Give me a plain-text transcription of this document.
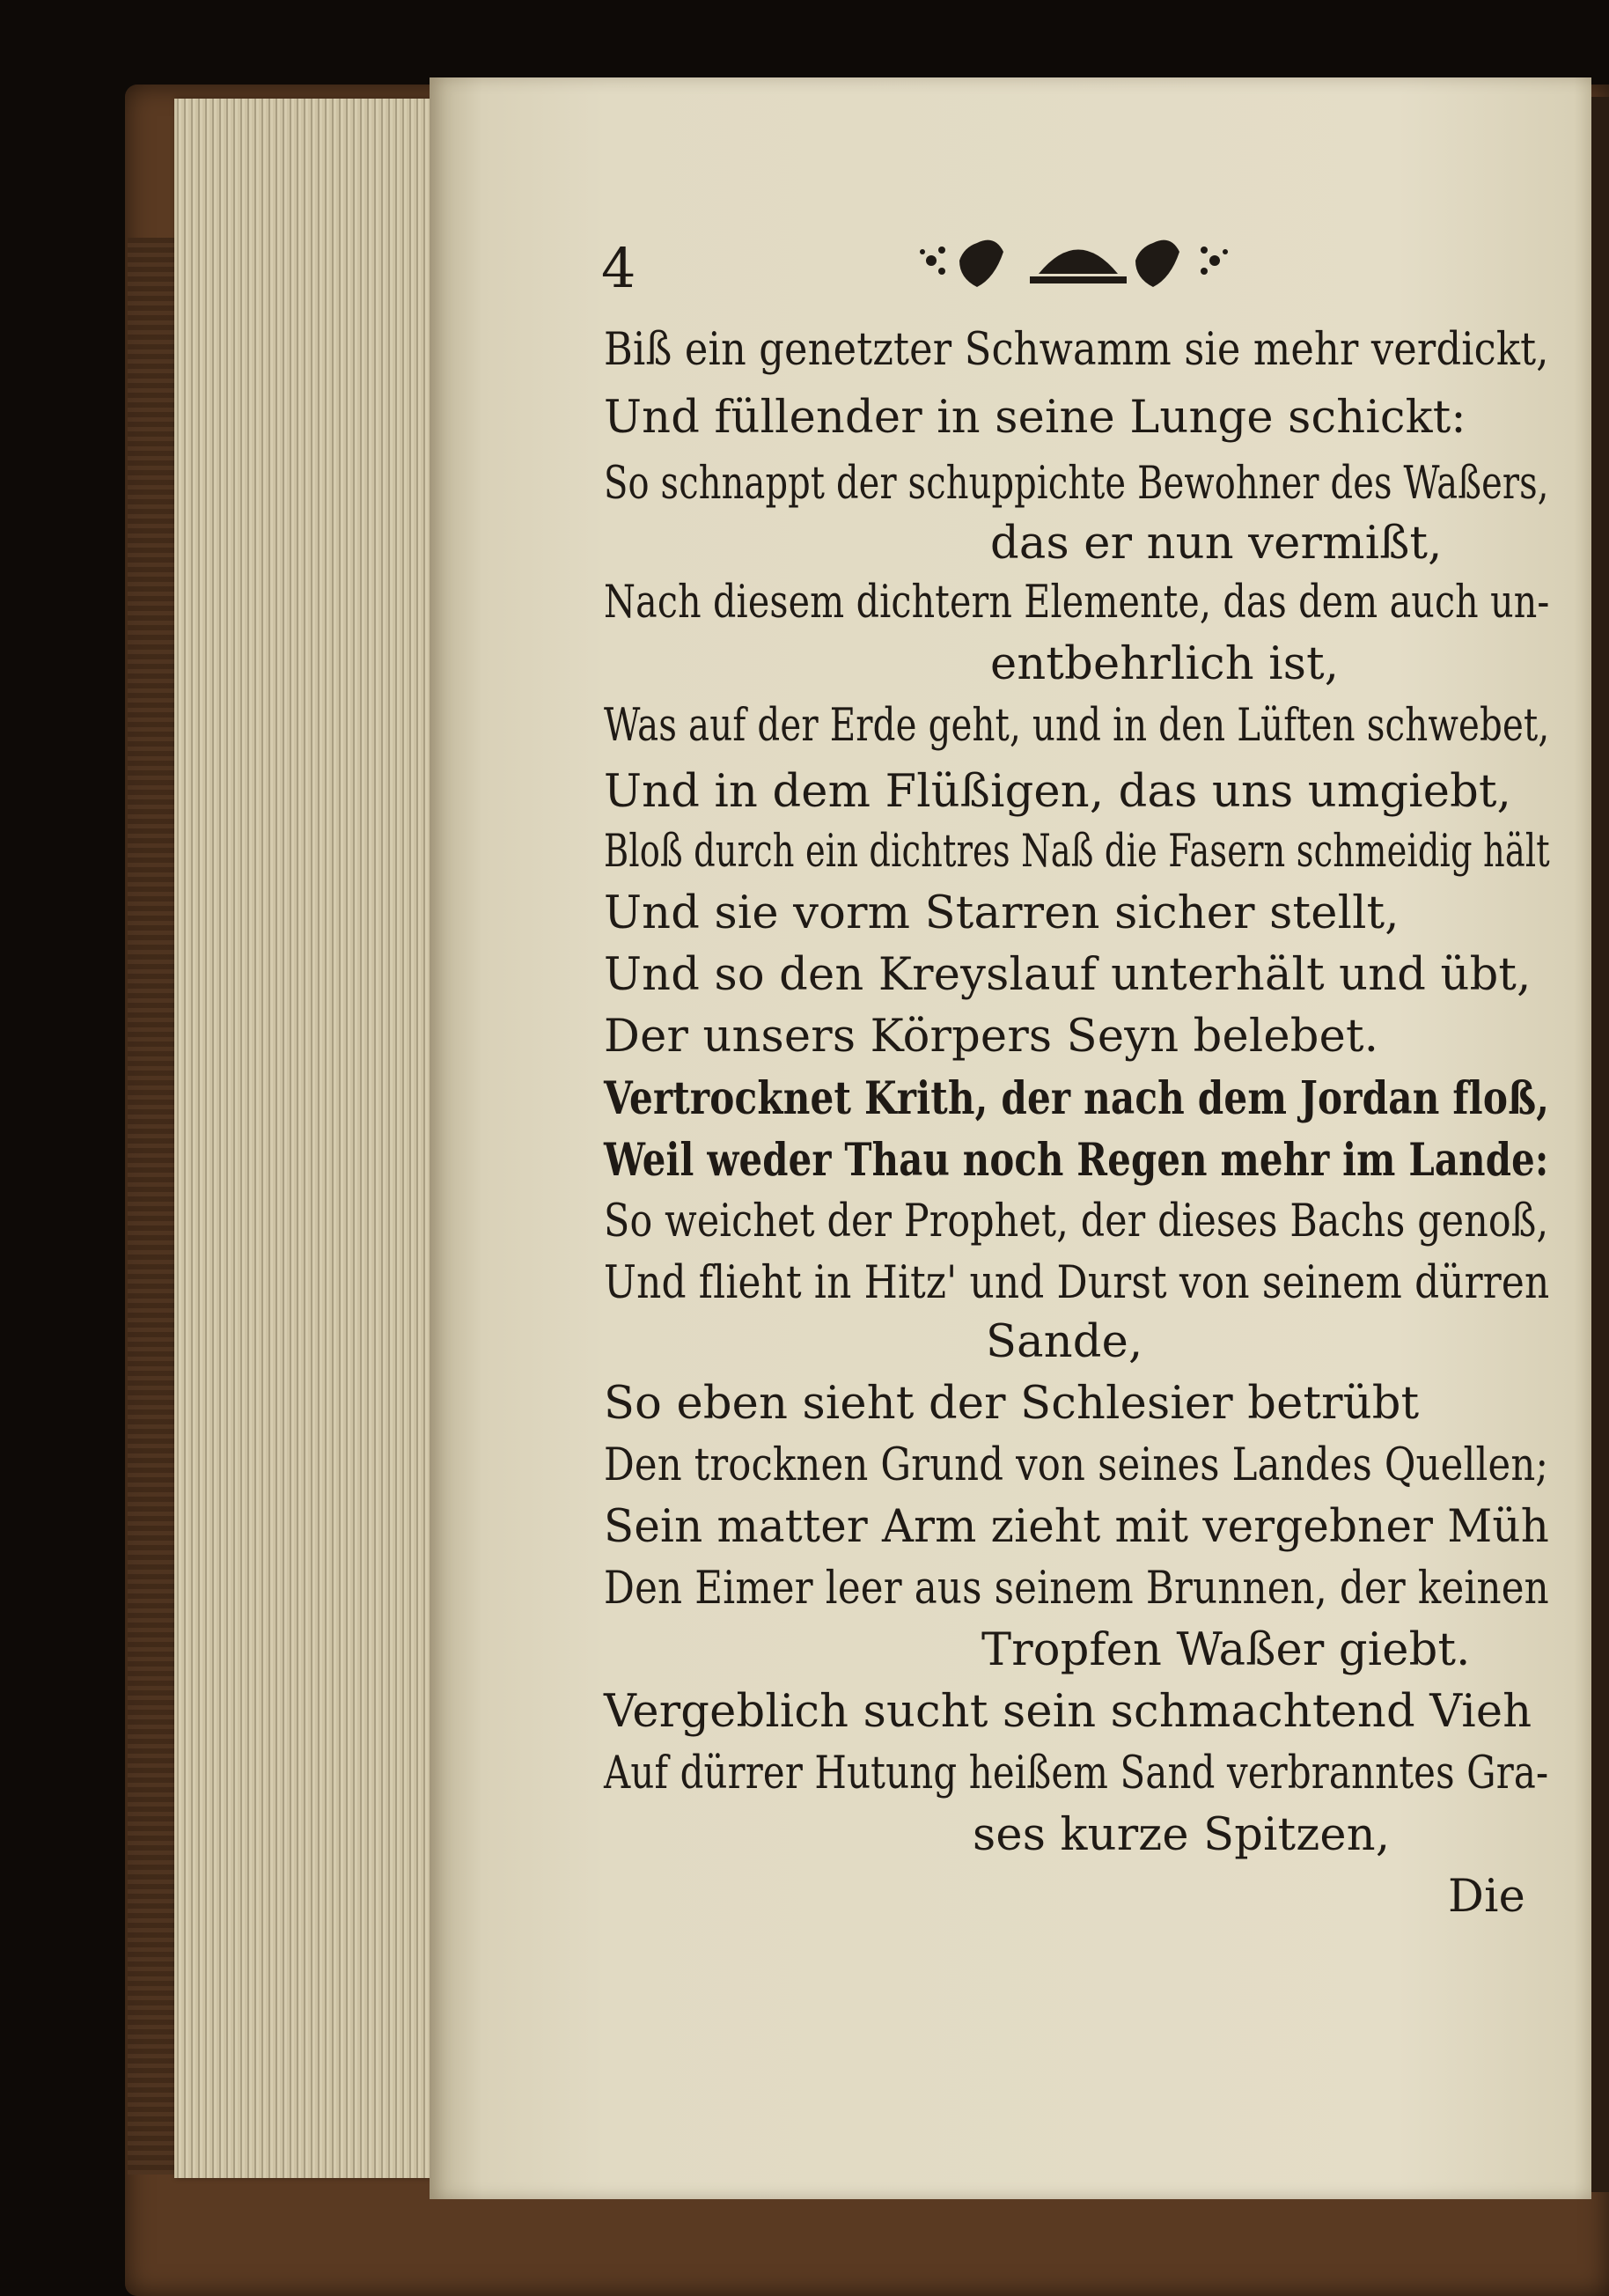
4
Biß ein genetzter Schwamm sie mehr verdickt,
Und füllender in seine Lunge schickt:
So schnappt der schuppichte Bewohner des Waßers,
das er nun vermißt,
Nach diesem dichtern Elemente, das dem auch un-
entbehrlich ist,
Was auf der Erde geht, und in den Lüften schwebet,
Und in dem Flüßigen, das uns umgiebt,
Bloß durch ein dichtres Naß die Fasern schmeidig hält
Und sie vorm Starren sicher stellt,
Und so den Kreyslauf unterhält und übt,
Der unsers Körpers Seyn belebet.
Vertrocknet Krith, der nach dem Jordan floß,
Weil weder Thau noch Regen mehr im Lande:
So weichet der Prophet, der dieses Bachs genoß,
Und flieht in Hitz' und Durst von seinem dürren
Sande,
So eben sieht der Schlesier betrübt
Den trocknen Grund von seines Landes Quellen;
Sein matter Arm zieht mit vergebner Müh
Den Eimer leer aus seinem Brunnen, der keinen
Tropfen Waßer giebt.
Vergeblich sucht sein schmachtend Vieh
Auf dürrer Hutung heißem Sand verbranntes Gra-
ses kurze Spitzen,
Die
